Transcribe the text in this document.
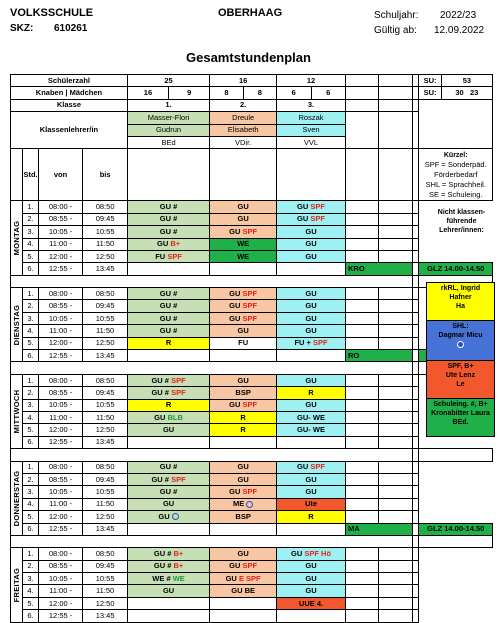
VOLKSSCHULE	OBERHAAG
SKZ: 610261
Schuljahr: 2022/23
Gültig ab: 12.09.2022
Gesamtstundenplan
Schülerzahl				25		16		12					SU:	53
Knaben | Mädchen				16	9	8	8	6	6				SU:	30 23
Klasse				1.		2.		3.						
Klassenlehrer/in				Masser-Flori		Dreule		Roszak						
				Gudrun		Elisabeth		Sven						
				BEd		VDir.		VVL						
	Std.	von	bis										Kürzel:
SPF = Sonderpäd.
Förderbedarf
SHL = Sprachheil.
SE = Schuleing.	

MONTAG	1.	08:00 -	08:50	GU #		GU		GU SPF						
	2.	08:55 -	09:45	GU #		GU		GU SPF						
	3.	10:05 -	10:55	GU #		GU SPF		GU						
	4.	11:00 -	11:50	GU B+		WE		GU						
	5.	12:00 -	12:50	FU SPF		WE		GU						
	6.	12:55 -	13:45							KRO			GLZ 14.00-14.50	

DIENSTAG	1.	08:00 -	08:50	GU #		GU SPF		GU						
	2.	08:55 -	09:45	GU #		GU SPF		GU						
	3.	10:05 -	10:55	GU #		GU SPF		GU						
	4.	11:00 -	11:50	GU #		GU		GU						
	5.	12:00 -	12:50	R		FU		FU + SPF						
	6.	12:55 -	13:45							RO		

MITTWOCH	1.	08:00 -	08:50	GU # SPF		GU		GU						
	2.	08:55 -	09:45	GU # SPF		BSP		R						
	3.	10:05 -	10:55	R		GU SPF		GU						
	4.	11:00 -	11:50	GU BLB		R		GU- WE						
	5.	12:00 -	12:50	GU		R		GU- WE						
	6.	12:55 -	13:45											

DONNERSTAG	1.	08:00 -	08:50	GU #		GU		GU SPF						
	2.	08:55 -	09:45	GU # SPF		GU		GU						
	3.	10:05 -	10:55	GU #		GU SPF		GU						
	4.	11:00 -	11:50	GU		ME		Ute						
	5.	12:00 -	12:50	GU		BSP		R						
	6.	12:55 -	13:45							MA			GLZ 14.00-14.50	

FREITAG	1.	08:00 -	08:50	GU # B+		GU		GU SPF Hö						
	2.	08:55 -	09:45	GU # B+		GU SPF		GU						
	3.	10:05 -	10:55	WE # WE		GU E SPF		GU						
	4.	11:00 -	11:50	GU		GU BE		GU						
	5.	12:00 -	12:50					UUE 4.						
	6.	12:55 -	13:45											
Nicht klassen-
führende
Lehrer/innen:
rkRL, Ingrid
Hafner
Ha
SHL:
Dagmar Micu
SPF, B+
Ute Lenz
Le
Schuleing. #, B+
Kronabitter Laura
BEd.
